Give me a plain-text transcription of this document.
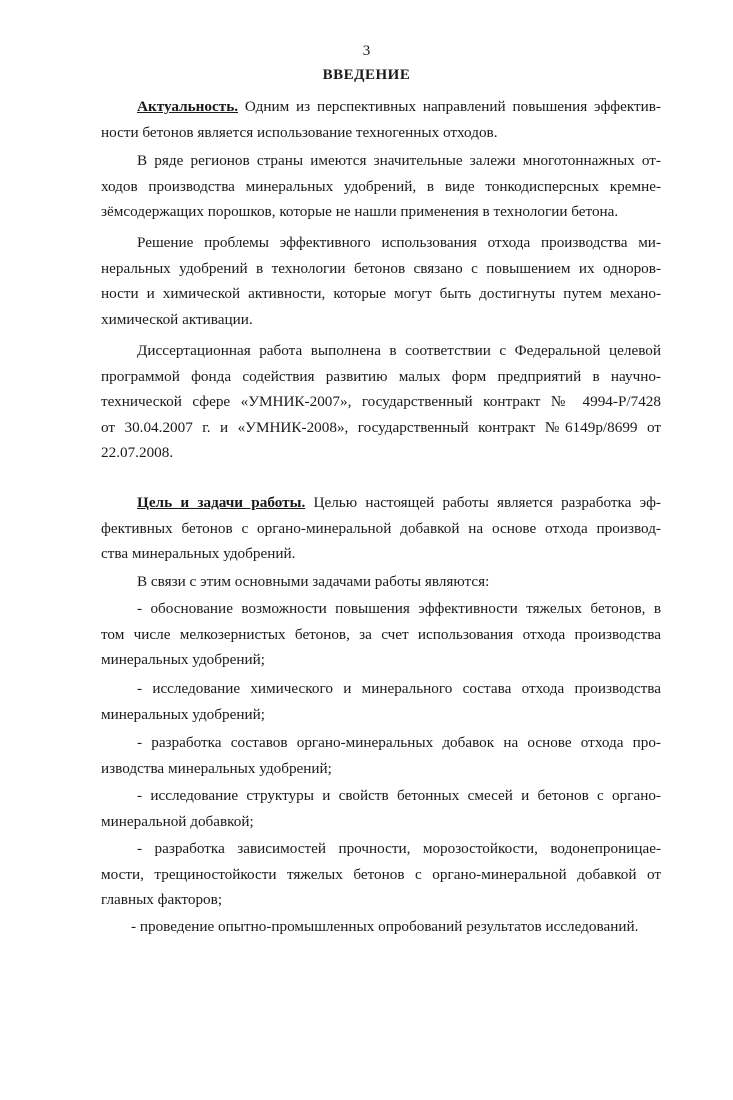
3
ВВЕДЕНИЕ
Актуальность. Одним из перспективных направлений повышения эффектив-
ности бетонов является использование техногенных отходов.
В ряде регионов страны имеются значительные залежи многотоннажных от-
ходов производства минеральных удобрений, в виде тонкодисперсных кремне-
зёмсодержащих порошков, которые не нашли применения в технологии бетона.
Решение проблемы эффективного использования отхода производства ми-
неральных удобрений в технологии бетонов связано с повышением их одноров-
ности и химической активности, которые могут быть достигнуты путем механо-
химической активации.
Диссертационная работа выполнена в соответствии с Федеральной целевой
программой фонда содействия развитию малых форм предприятий в научно-
технической сфере «УМНИК-2007», государственный контракт № 4994-Р/7428
от 30.04.2007 г. и «УМНИК-2008», государственный контракт №6149р/8699 от
22.07.2008.
Цель и задачи работы. Целью настоящей работы является разработка эф-
фективных бетонов с органо-минеральной добавкой на основе отхода производ-
ства минеральных удобрений.
В связи с этим основными задачами работы являются:
- обоснование возможности повышения эффективности тяжелых бетонов, в
том числе мелкозернистых бетонов, за счет использования отхода производства
минеральных удобрений;
- исследование химического и минерального состава отхода производства
минеральных удобрений;
- разработка составов органо-минеральных добавок на основе отхода про-
изводства минеральных удобрений;
- исследование структуры и свойств бетонных смесей и бетонов с органо-
минеральной добавкой;
- разработка зависимостей прочности, морозостойкости, водонепроницае-
мости, трещиностойкости тяжелых бетонов с органо-минеральной добавкой от
главных факторов;
- проведение опытно-промышленных опробований результатов исследований.
